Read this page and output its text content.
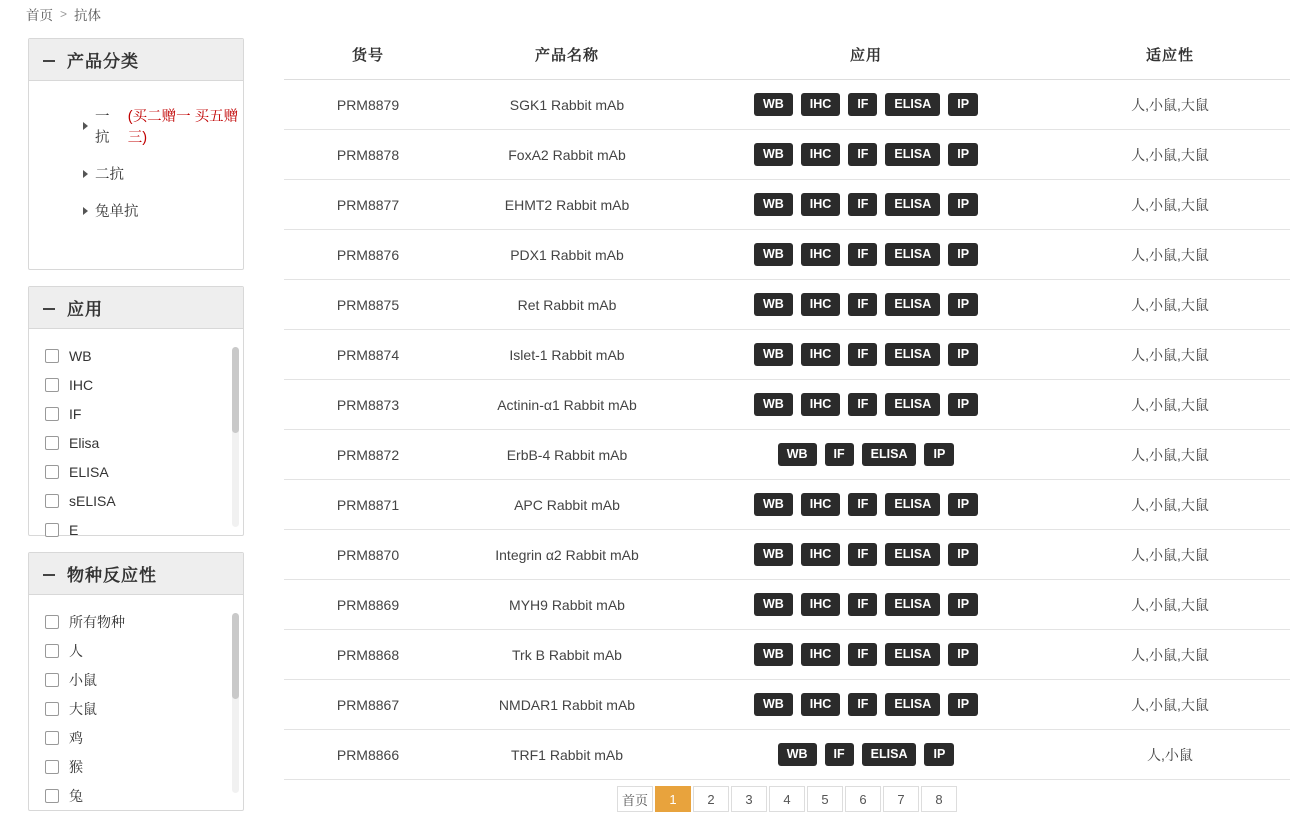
首页 > 抗体
产品分类
一抗
(买二赠一 买五赠三)
二抗
兔单抗
应用
WB
IHC
IF
Elisa
ELISA
sELISA
E
物种反应性
所有物种
人
小鼠
大鼠
鸡
猴
兔
货号	产品名称	应用	适应性
PRM8879	SGK1 Rabbit mAb	WB IHC IF ELISA IP	人,小鼠,大鼠
PRM8878	FoxA2 Rabbit mAb	WB IHC IF ELISA IP	人,小鼠,大鼠
PRM8877	EHMT2 Rabbit mAb	WB IHC IF ELISA IP	人,小鼠,大鼠
PRM8876	PDX1 Rabbit mAb	WB IHC IF ELISA IP	人,小鼠,大鼠
PRM8875	Ret Rabbit mAb	WB IHC IF ELISA IP	人,小鼠,大鼠
PRM8874	Islet-1 Rabbit mAb	WB IHC IF ELISA IP	人,小鼠,大鼠
PRM8873	Actinin-α1 Rabbit mAb	WB IHC IF ELISA IP	人,小鼠,大鼠
PRM8872	ErbB-4 Rabbit mAb	WB IF ELISA IP	人,小鼠,大鼠
PRM8871	APC Rabbit mAb	WB IHC IF ELISA IP	人,小鼠,大鼠
PRM8870	Integrin α2 Rabbit mAb	WB IHC IF ELISA IP	人,小鼠,大鼠
PRM8869	MYH9 Rabbit mAb	WB IHC IF ELISA IP	人,小鼠,大鼠
PRM8868	Trk B Rabbit mAb	WB IHC IF ELISA IP	人,小鼠,大鼠
PRM8867	NMDAR1 Rabbit mAb	WB IHC IF ELISA IP	人,小鼠,大鼠
PRM8866	TRF1 Rabbit mAb	WB IF ELISA IP	人,小鼠
首页	1	2	3	4	5	6	7	8
